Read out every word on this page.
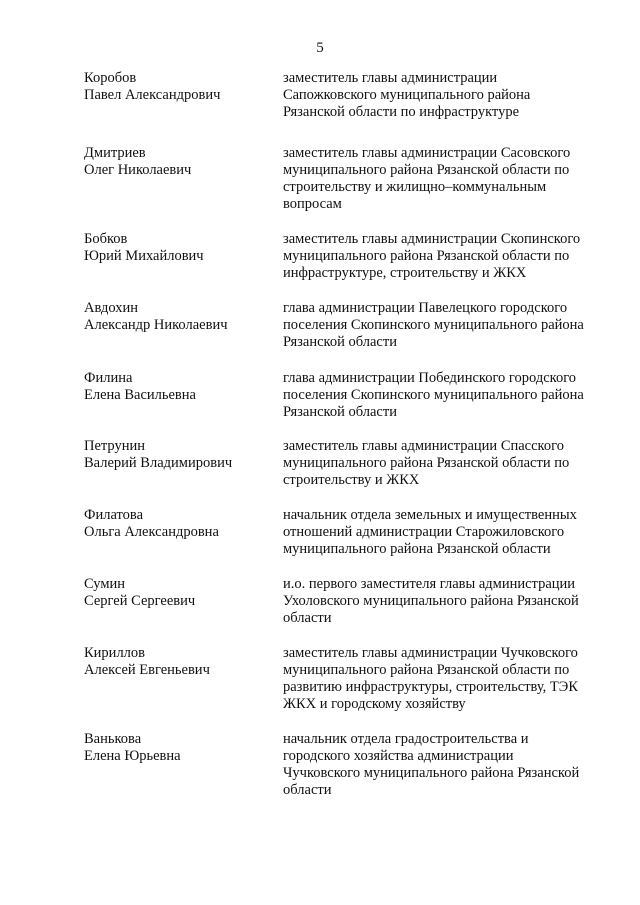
5
Коробов
Павел Александрович
заместитель главы администрации
Сапожковского муниципального района
Рязанской области по инфраструктуре
Дмитриев
Олег Николаевич
заместитель главы администрации Сасовского
муниципального района Рязанской области по
строительству и жилищно–коммунальным
вопросам
Бобков
Юрий Михайлович
заместитель главы администрации Скопинского
муниципального района Рязанской области по
инфраструктуре, строительству и ЖКХ
Авдохин
Александр Николаевич
глава администрации Павелецкого городского
поселения Скопинского муниципального района
Рязанской области
Филина
Елена Васильевна
глава администрации Побединского городского
поселения Скопинского муниципального района
Рязанской области
Петрунин
Валерий Владимирович
заместитель главы администрации Спасского
муниципального района Рязанской области по
строительству и ЖКХ
Филатова
Ольга Александровна
начальник отдела земельных и имущественных
отношений администрации Старожиловского
муниципального района Рязанской области
Сумин
Сергей Сергеевич
и.о. первого заместителя главы администрации
Ухоловского муниципального района Рязанской
области
Кириллов
Алексей Евгеньевич
заместитель главы администрации Чучковского
муниципального района Рязанской области по
развитию инфраструктуры, строительству, ТЭК
ЖКХ и городскому хозяйству
Ванькова
Елена Юрьевна
начальник отдела градостроительства и
городского хозяйства администрации
Чучковского муниципального района Рязанской
области
